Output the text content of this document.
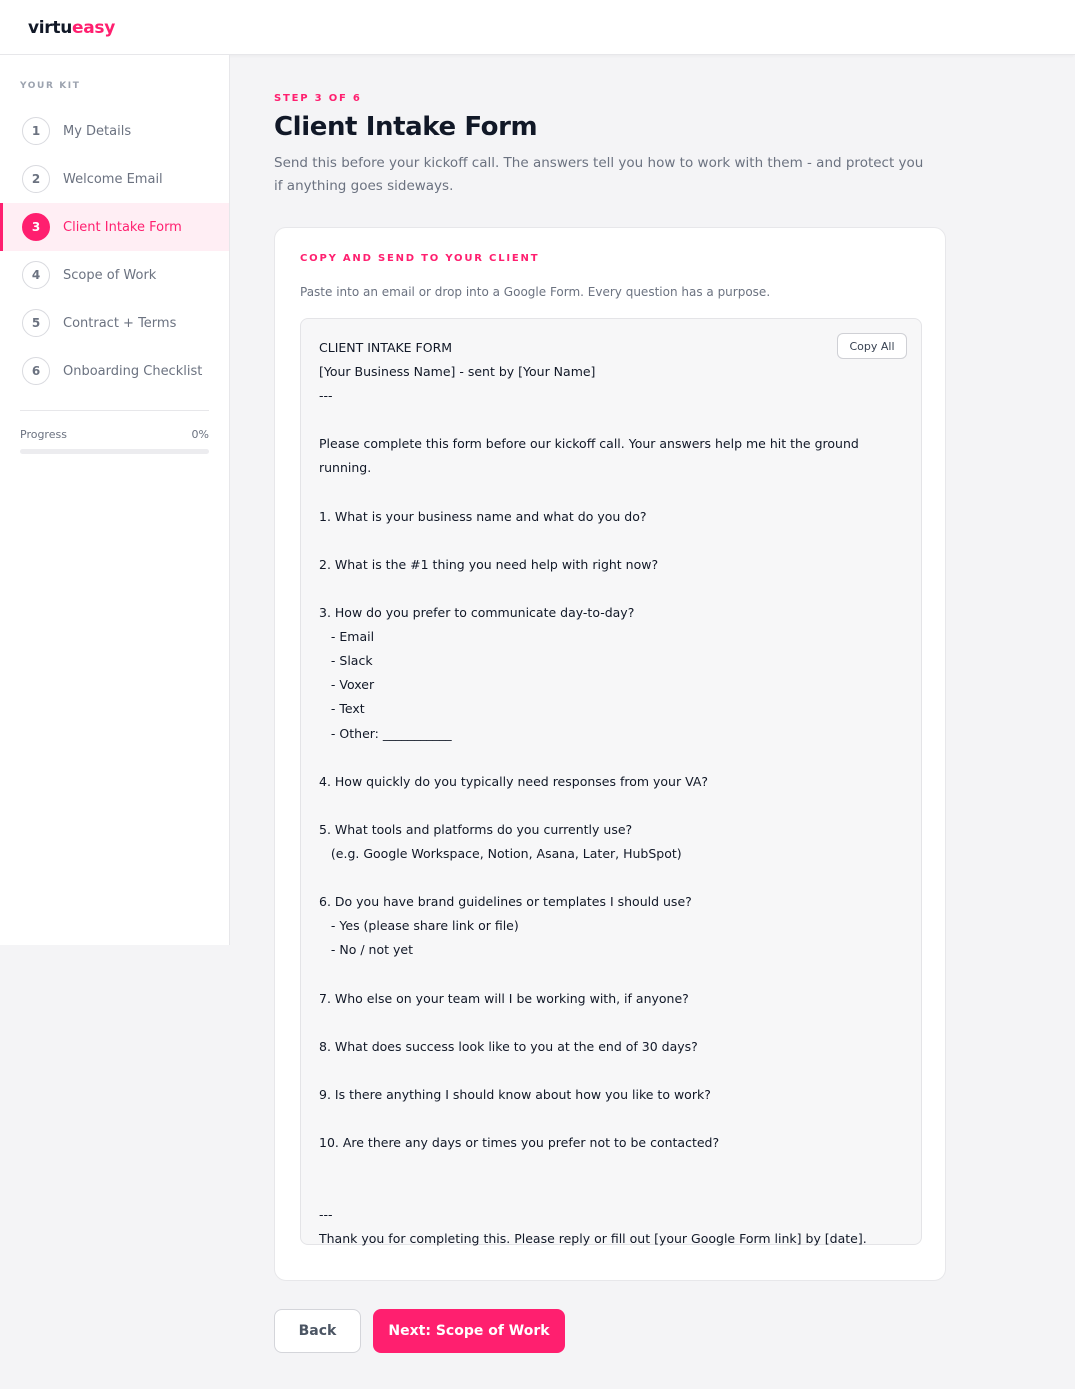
virtueasy
YOUR KIT
1	My Details
2	Welcome Email
3	Client Intake Form
4	Scope of Work
5	Contract + Terms
6	Onboarding Checklist
Progress	0%
STEP 3 OF 6
Client Intake Form

Send this before your kickoff call. The answers tell you how to work with them - and protect you if anything goes sideways.

COPY AND SEND TO YOUR CLIENT
Paste into an email or drop into a Google Form. Every question has a purpose.
Copy All
CLIENT INTAKE FORM
[Your Business Name] - sent by [Your Name]
---

Please complete this form before our kickoff call. Your answers help me hit the ground
running.

1. What is your business name and what do you do?

2. What is the #1 thing you need help with right now?

3. How do you prefer to communicate day-to-day?
- Email
- Slack
- Voxer
- Text
- Other: ___________

4. How quickly do you typically need responses from your VA?

5. What tools and platforms do you currently use?
(e.g. Google Workspace, Notion, Asana, Later, HubSpot)

6. Do you have brand guidelines or templates I should use?
- Yes (please share link or file)
- No / not yet

7. Who else on your team will I be working with, if anyone?

8. What does success look like to you at the end of 30 days?

9. Is there anything I should know about how you like to work?

10. Are there any days or times you prefer not to be contacted?

---
Thank you for completing this. Please reply or fill out [your Google Form link] by [date].
Back	Next: Scope of Work
